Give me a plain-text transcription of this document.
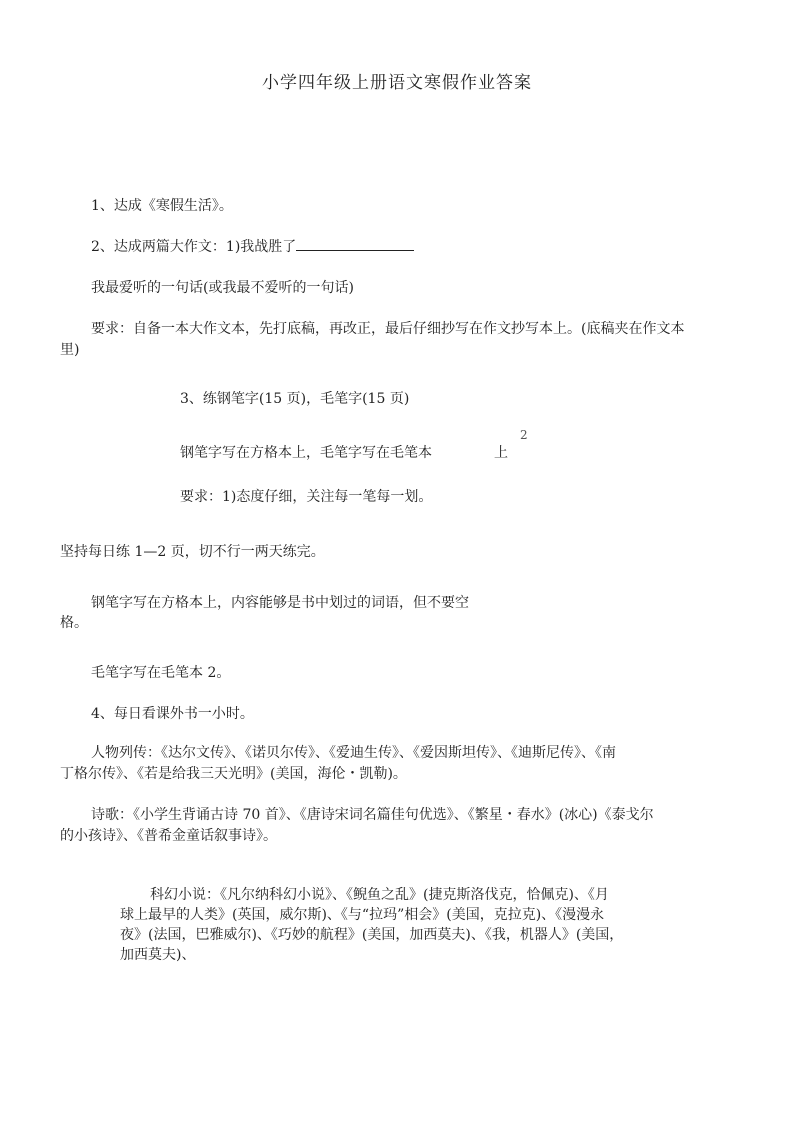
小学四年级上册语文寒假作业答案
1、达成《寒假生活》。
2、达成两篇大作文：1)我战胜了
我最爱听的一句话(或我最不爱听的一句话)
要求：自备一本大作文本，先打底稿，再改正，最后仔细抄写在作文抄写本上。(底稿夹在作文本
里)
3、练钢笔字(15 页)，毛笔字(15 页)
2
钢笔字写在方格本上，毛笔字写在毛笔本	上
要求：1)态度仔细，关注每一笔每一划。
坚持每日练 1—2 页，切不行一两天练完。
钢笔字写在方格本上，内容能够是书中划过的词语，但不要空
格。
毛笔字写在毛笔本 2。
4、每日看课外书一小时。
人物列传：《达尔文传》、《诺贝尔传》、《爱迪生传》、《爱因斯坦传》、《迪斯尼传》、《南
丁格尔传》、《若是给我三天光明》(美国，海伦・凯勒)。
诗歌：《小学生背诵古诗 70 首》、《唐诗宋词名篇佳句优选》、《繁星・春水》(冰心)《泰戈尔
的小孩诗》、《普希金童话叙事诗》。
科幻小说：《凡尔纳科幻小说》、《鲵鱼之乱》(捷克斯洛伐克，恰佩克)、《月
球上最早的人类》(英国，威尔斯)、《与“拉玛”相会》(美国，克拉克)、《漫漫永
夜》(法国，巴雅威尔)、《巧妙的航程》(美国，加西莫夫)、《我，机器人》(美国，
加西莫夫)、
